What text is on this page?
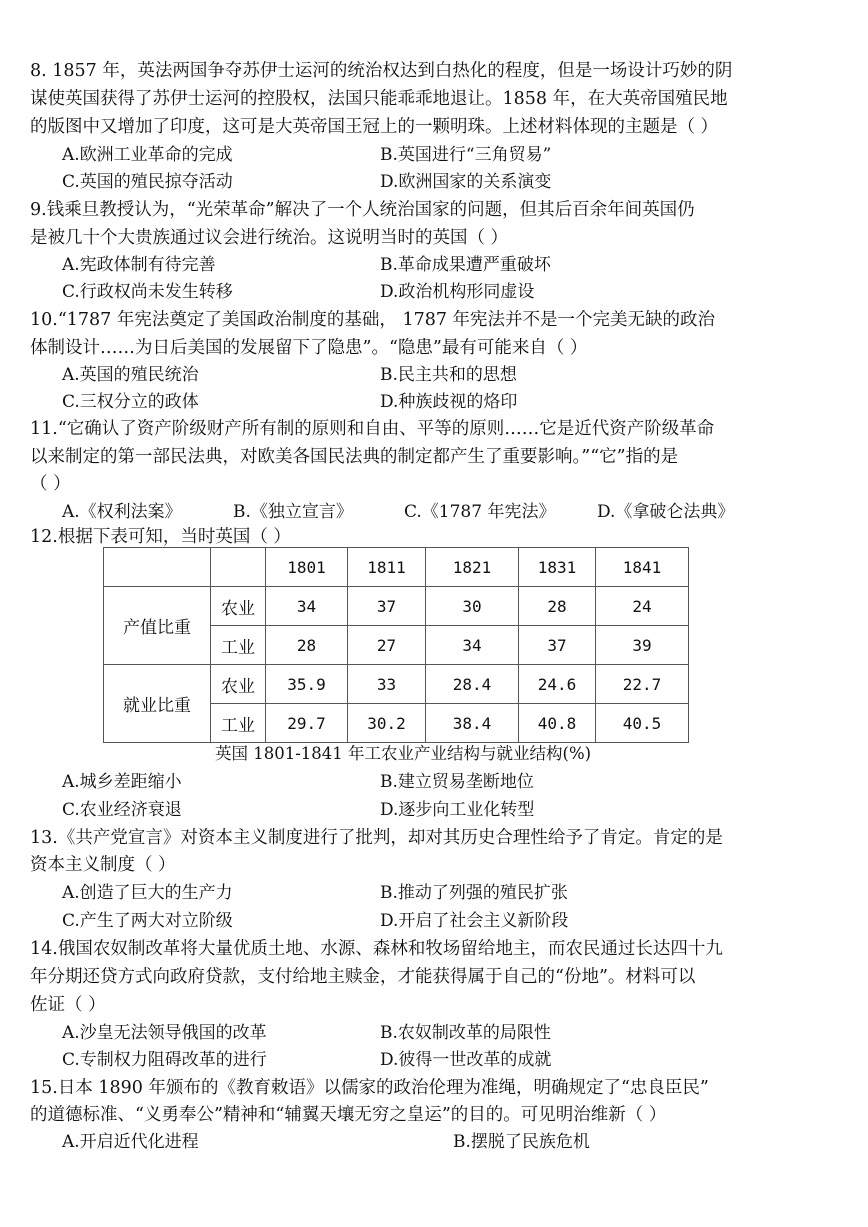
8. 1857 年，英法两国争夺苏伊士运河的统治权达到白热化的程度，但是一场设计巧妙的阴
谋使英国获得了苏伊士运河的控股权，法国只能乖乖地退让。1858 年，在大英帝国殖民地
的版图中又增加了印度，这可是大英帝国王冠上的一颗明珠。上述材料体现的主题是（ ）
A.欧洲工业革命的完成	B.英国进行“三角贸易”
C.英国的殖民掠夺活动	D.欧洲国家的关系演变
9.钱乘旦教授认为，“光荣革命”解决了一个人统治国家的问题，但其后百余年间英国仍
是被几十个大贵族通过议会进行统治。这说明当时的英国（ ）
A.宪政体制有待完善	B.革命成果遭严重破坏
C.行政权尚未发生转移	D.政治机构形同虚设
10.“1787 年宪法奠定了美国政治制度的基础， 1787 年宪法并不是一个完美无缺的政治
体制设计……为日后美国的发展留下了隐患”。“隐患”最有可能来自（ ）
A.英国的殖民统治	B.民主共和的思想
C.三权分立的政体	D.种族歧视的烙印
11.“它确认了资产阶级财产所有制的原则和自由、平等的原则……它是近代资产阶级革命
以来制定的第一部民法典，对欧美各国民法典的制定都产生了重要影响。”“它”指的是
（ ）
A.《权利法案》	B.《独立宣言》	C.《1787 年宪法》 D.《拿破仑法典》
12.根据下表可知，当时英国（ ）
		1801	1811	1821	1831	1841
产值比重	农业	34	37	30	28	24
	工业	28	27	34	37	39
就业比重	农业	35.9	33	28.4	24.6	22.7
	工业	29.7	30.2	38.4	40.8	40.5
英国 1801-1841 年工农业产业结构与就业结构(%)
A.城乡差距缩小	B.建立贸易垄断地位
C.农业经济衰退	D.逐步向工业化转型
13.《共产党宣言》对资本主义制度进行了批判，却对其历史合理性给予了肯定。肯定的是
资本主义制度（ ）
A.创造了巨大的生产力	B.推动了列强的殖民扩张
C.产生了两大对立阶级	D.开启了社会主义新阶段
14.俄国农奴制改革将大量优质土地、水源、森林和牧场留给地主，而农民通过长达四十九
年分期还贷方式向政府贷款，支付给地主赎金，才能获得属于自己的“份地”。材料可以
佐证（ ）
A.沙皇无法领导俄国的改革	B.农奴制改革的局限性
C.专制权力阻碍改革的进行	D.彼得一世改革的成就
15.日本 1890 年颁布的《教育敕语》以儒家的政治伦理为准绳，明确规定了“忠良臣民”
的道德标准、“义勇奉公”精神和“辅翼天壤无穷之皇运”的目的。可见明治维新（ ）
A.开启近代化进程	B.摆脱了民族危机
